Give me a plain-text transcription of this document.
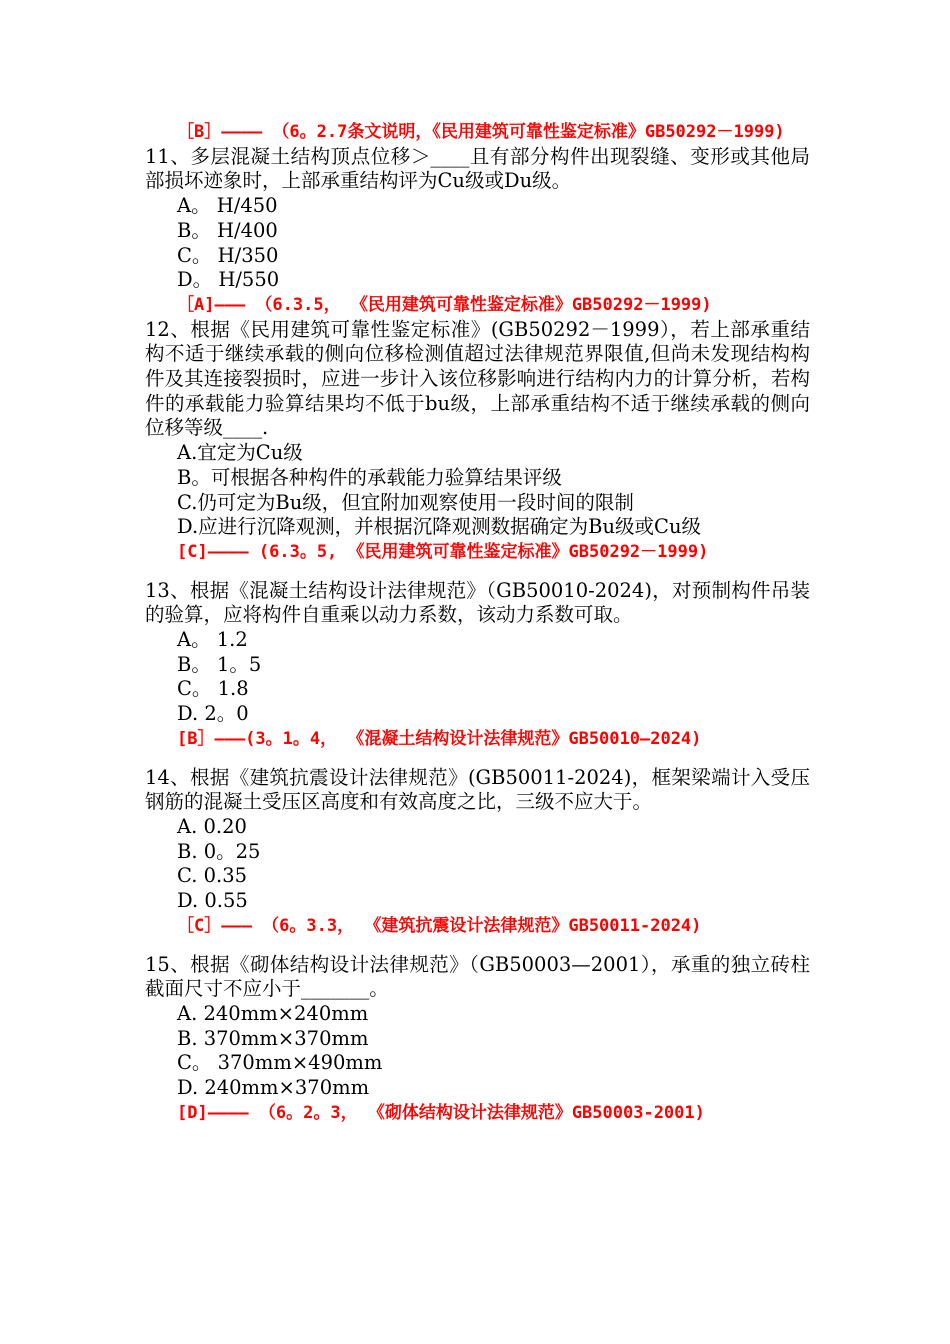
［B］———— （6。2.7条文说明，《民用建筑可靠性鉴定标准》GB50292－1999)
11、多层混凝土结构顶点位移＞____且有部分构件出现裂缝、变形或其他局部损坏迹象时，上部承重结构评为Cu级或Du级。
A。 H/450
B。 H/400
C。 H/350
D。 H/550
［A]——— （6.3.5， 《民用建筑可靠性鉴定标准》GB50292－1999)
12、根据《民用建筑可靠性鉴定标准》(GB50292－1999），若上部承重结构不适于继续承载的侧向位移检测值超过法律规范界限值,但尚未发现结构构件及其连接裂损时，应进一步计入该位移影响进行结构内力的计算分析，若构件的承载能力验算结果均不低于bu级，上部承重结构不适于继续承载的侧向位移等级____.
A.宜定为Cu级
B。可根据各种构件的承载能力验算结果评级
C.仍可定为Bu级，但宜附加观察使用一段时间的限制
D.应进行沉降观测，并根据沉降观测数据确定为Bu级或Cu级
[C]———— (6.3。5, 《民用建筑可靠性鉴定标准》GB50292－1999)
13、根据《混凝土结构设计法律规范》（GB50010-2024)，对预制构件吊装的验算，应将构件自重乘以动力系数，该动力系数可取。
A。 1.2
B。 1。5
C。 1.8
D. 2。0
[B］———(3。1。4， 《混凝土结构设计法律规范》GB50010—2024)
14、根据《建筑抗震设计法律规范》(GB50011-2024)，框架梁端计入受压钢筋的混凝土受压区高度和有效高度之比，三级不应大于。
A. 0.20
B. 0。25
C. 0.35
D. 0.55
［C］——— （6。3.3， 《建筑抗震设计法律规范》GB50011-2024)
15、根据《砌体结构设计法律规范》（GB50003—2001），承重的独立砖柱截面尺寸不应小于_______。
A. 240mm×240mm
B. 370mm×370mm
C。 370mm×490mm
D. 240mm×370mm
[D]———— （6。2。3， 《砌体结构设计法律规范》GB50003-2001)
